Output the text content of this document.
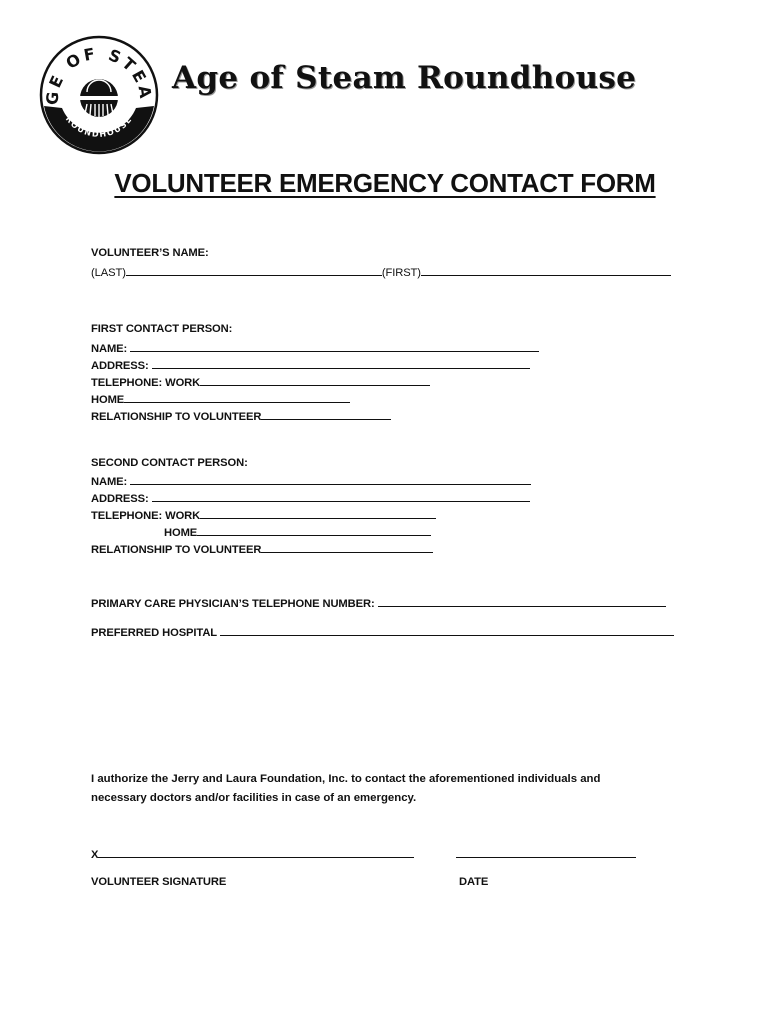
GE OF STEA
ROUNDHOUSE
Age of Steam Roundhouse
VOLUNTEER EMERGENCY CONTACT FORM
VOLUNTEER’S NAME:
(LAST)	(FIRST)
FIRST CONTACT PERSON:
NAME:
ADDRESS:
TELEPHONE: WORK
HOME
RELATIONSHIP TO VOLUNTEER
SECOND CONTACT PERSON:
NAME:
ADDRESS:
TELEPHONE: WORK
HOME
RELATIONSHIP TO VOLUNTEER
PRIMARY CARE PHYSICIAN’S TELEPHONE NUMBER:
PREFERRED HOSPITAL
I authorize the Jerry and Laura Foundation, Inc. to contact the aforementioned individuals and necessary doctors and/or facilities in case of an emergency.
X
VOLUNTEER SIGNATURE	DATE
